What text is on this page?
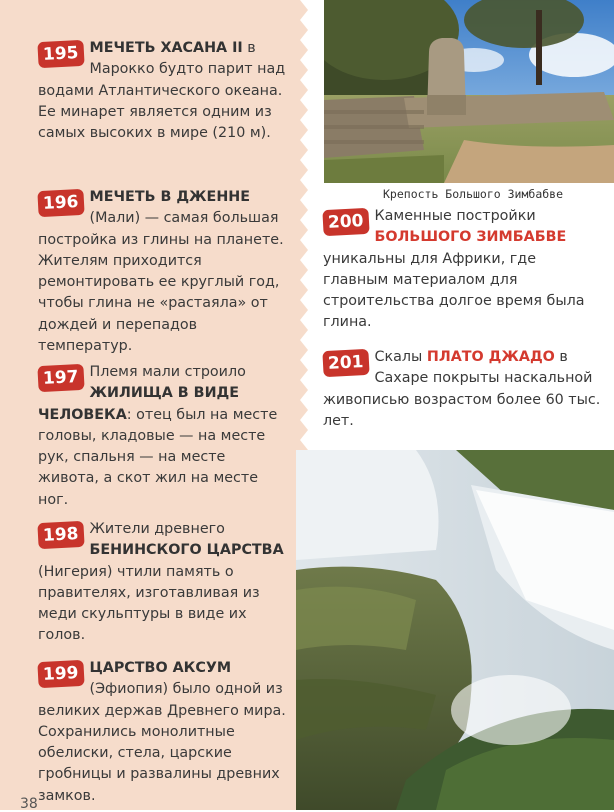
195 МЕЧЕТЬ ХАСАНА II в Марокко будто парит над водами Атлантического океана. Ее минарет является одним из самых высоких в мире (210 м).

196 МЕЧЕТЬ В ДЖЕННЕ (Мали) — самая большая постройка из глины на планете. Жителям приходится ремонтировать ее круглый год, чтобы глина не «растаяла» от дождей и перепадов температур.

197 Племя мали строило ЖИЛИЩА В ВИДЕ ЧЕЛОВЕКА: отец был на месте головы, кладовые — на месте рук, спальня — на месте живота, а скот жил на месте ног.

198 Жители древнего БЕНИНСКОГО ЦАРСТВА (Нигерия) чтили память о правителях, изготавливая из меди скульптуры в виде их голов.

199 ЦАРСТВО АКСУМ (Эфиопия) было одной из великих держав Древнего мира. Сохранились монолитные обелиски, стела, царские гробницы и развалины древних замков.

Крепость Большого Зимбабве

200 Каменные постройки БОЛЬШОГО ЗИМБАБВЕ уникальны для Африки, где главным материалом для строительства долгое время была глина.

201 Скалы ПЛАТО ДЖАДО в Сахаре покрыты наскальной живописью возрастом более 60 тыс. лет.

38
